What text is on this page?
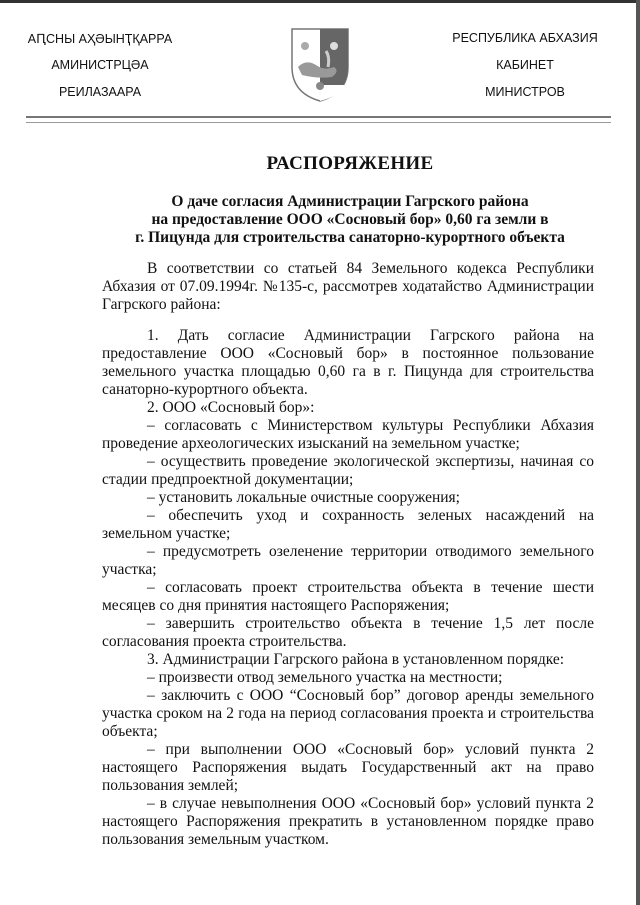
АԤСНЫ АҲӘЫНҬҚАРРА
АМИНИСТРЦӘА
РЕИЛАЗААРА
РЕСПУБЛИКА АБХАЗИЯ
КАБИНЕТ
МИНИСТРОВ
РАСПОРЯЖЕНИЕ
О даче согласия Администрации Гагрского района
на предоставление ООО «Сосновый бор» 0,60 га земли в
г. Пицунда для строительства санаторно-курортного объекта

В соответствии со статьей 84 Земельного кодекса Республики Абхазия от 07.09.1994г. №135-с, рассмотрев ходатайство Администрации Гагрского района:

1. Дать согласие Администрации Гагрского района на предоставление ООО «Сосновый бор» в постоянное пользование земельного участка площадью 0,60 га в г. Пицунда для строительства санаторно-курортного объекта.

2. ООО «Сосновый бор»:

– согласовать с Министерством культуры Республики Абхазия проведение археологических изысканий на земельном участке;

– осуществить проведение экологической экспертизы, начиная со стадии предпроектной документации;

– установить локальные очистные сооружения;

– обеспечить уход и сохранность зеленых насаждений на земельном участке;

– предусмотреть озеленение территории отводимого земельного участка;

– согласовать проект строительства объекта в течение шести месяцев со дня принятия настоящего Распоряжения;

– завершить строительство объекта в течение 1,5 лет после согласования проекта строительства.

3. Администрации Гагрского района в установленном порядке:

– произвести отвод земельного участка на местности;

– заключить с ООО “Сосновый бор” договор аренды земельного участка сроком на 2 года на период согласования проекта и строительства объекта;

– при выполнении ООО «Сосновый бор» условий пункта 2 настоящего Распоряжения выдать Государственный акт на право пользования землей;

– в случае невыполнения ООО «Сосновый бор» условий пункта 2 настоящего Распоряжения прекратить в установленном порядке право пользования земельным участком.
